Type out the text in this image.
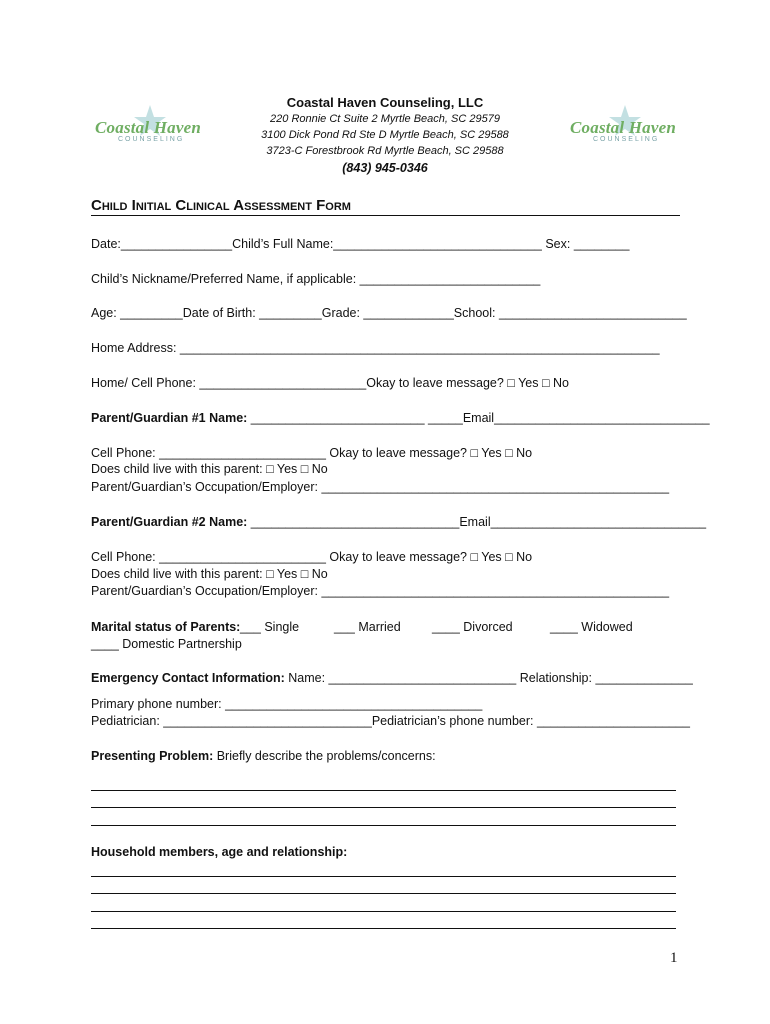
Coastal Haven
COUNSELING
Coastal Haven
COUNSELING
Coastal Haven Counseling, LLC
220 Ronnie Ct Suite 2 Myrtle Beach, SC 29579
3100 Dick Pond Rd Ste D Myrtle Beach, SC 29588
3723-C Forestbrook Rd Myrtle Beach, SC 29588
(843) 945-0346
Child Initial Clinical Assessment Form
Date:________________Child’s Full Name:______________________________ Sex: ________
Child’s Nickname/Preferred Name, if applicable: __________________________
Age: _________Date of Birth: _________Grade: _____________School: ___________________________
Home Address: _____________________________________________________________________
Home/ Cell Phone: ________________________Okay to leave message? □ Yes □ No
Parent/Guardian #1 Name: _________________________ _____Email_______________________________
Cell Phone: ________________________ Okay to leave message? □ Yes □ No
Does child live with this parent: □ Yes □ No
Parent/Guardian’s Occupation/Employer: __________________________________________________
Parent/Guardian #2 Name: ______________________________Email_______________________________
Cell Phone: ________________________ Okay to leave message? □ Yes □ No
Does child live with this parent: □ Yes □ No
Parent/Guardian’s Occupation/Employer: __________________________________________________
Marital status of Parents: ___ Single	___ Married	____ Divorced	____ Widowed
____ Domestic Partnership
Emergency Contact Information: Name: ___________________________ Relationship: ______________
Primary phone number: _____________________________________
Pediatrician: ______________________________Pediatrician’s phone number: ______________________
Presenting Problem: Briefly describe the problems/concerns:
Household members, age and relationship:
1
